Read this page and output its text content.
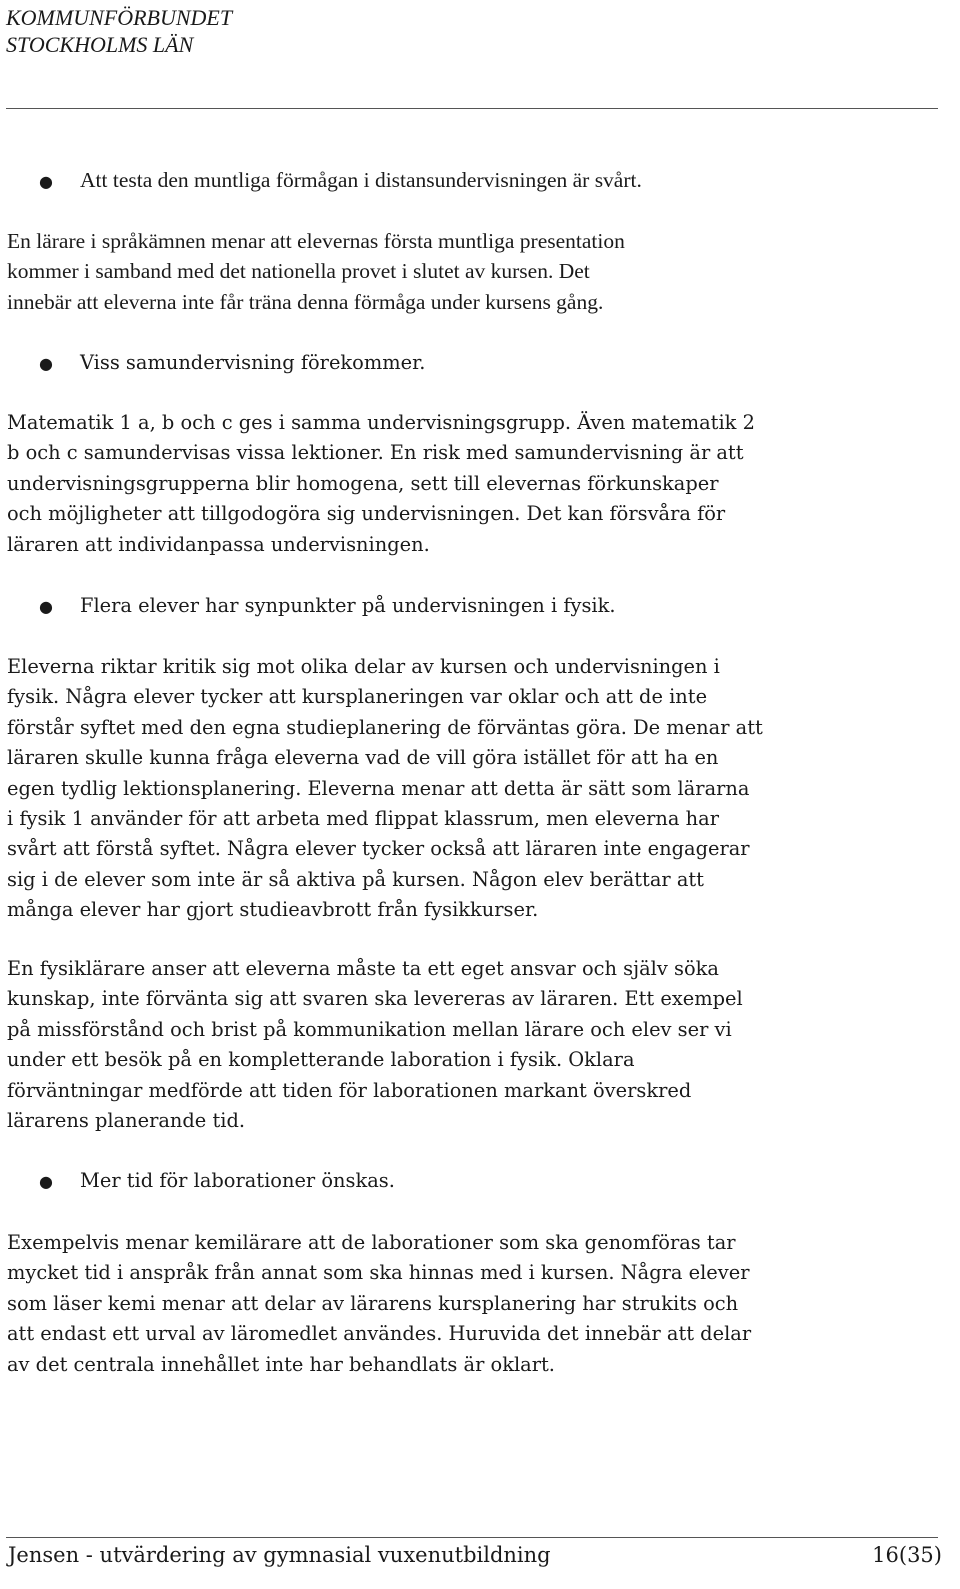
KOMMUNFÖRBUNDET
STOCKHOLMS LÄN
●	Att testa den muntliga förmågan i distansundervisningen är svårt.
En lärare i språkämnen menar att elevernas första muntliga presentation
kommer i samband med det nationella provet i slutet av kursen. Det
innebär att eleverna inte får träna denna förmåga under kursens gång.
●	Viss samundervisning förekommer.
Matematik 1 a, b och c ges i samma undervisningsgrupp. Även matematik 2
b och c samundervisas vissa lektioner. En risk med samundervisning är att
undervisningsgrupperna blir homogena, sett till elevernas förkunskaper
och möjligheter att tillgodogöra sig undervisningen. Det kan försvåra för
läraren att individanpassa undervisningen.
●	Flera elever har synpunkter på undervisningen i fysik.
Eleverna riktar kritik sig mot olika delar av kursen och undervisningen i
fysik. Några elever tycker att kursplaneringen var oklar och att de inte
förstår syftet med den egna studieplanering de förväntas göra. De menar att
läraren skulle kunna fråga eleverna vad de vill göra istället för att ha en
egen tydlig lektionsplanering. Eleverna menar att detta är sätt som lärarna
i fysik 1 använder för att arbeta med flippat klassrum, men eleverna har
svårt att förstå syftet. Några elever tycker också att läraren inte engagerar
sig i de elever som inte är så aktiva på kursen. Någon elev berättar att
många elever har gjort studieavbrott från fysikkurser.
En fysiklärare anser att eleverna måste ta ett eget ansvar och själv söka
kunskap, inte förvänta sig att svaren ska levereras av läraren. Ett exempel
på missförstånd och brist på kommunikation mellan lärare och elev ser vi
under ett besök på en kompletterande laboration i fysik. Oklara
förväntningar medförde att tiden för laborationen markant överskred
lärarens planerande tid.
●	Mer tid för laborationer önskas.
Exempelvis menar kemilärare att de laborationer som ska genomföras tar
mycket tid i anspråk från annat som ska hinnas med i kursen. Några elever
som läser kemi menar att delar av lärarens kursplanering har strukits och
att endast ett urval av läromedlet användes. Huruvida det innebär att delar
av det centrala innehållet inte har behandlats är oklart.
Jensen - utvärdering av gymnasial vuxenutbildning	16(35)
